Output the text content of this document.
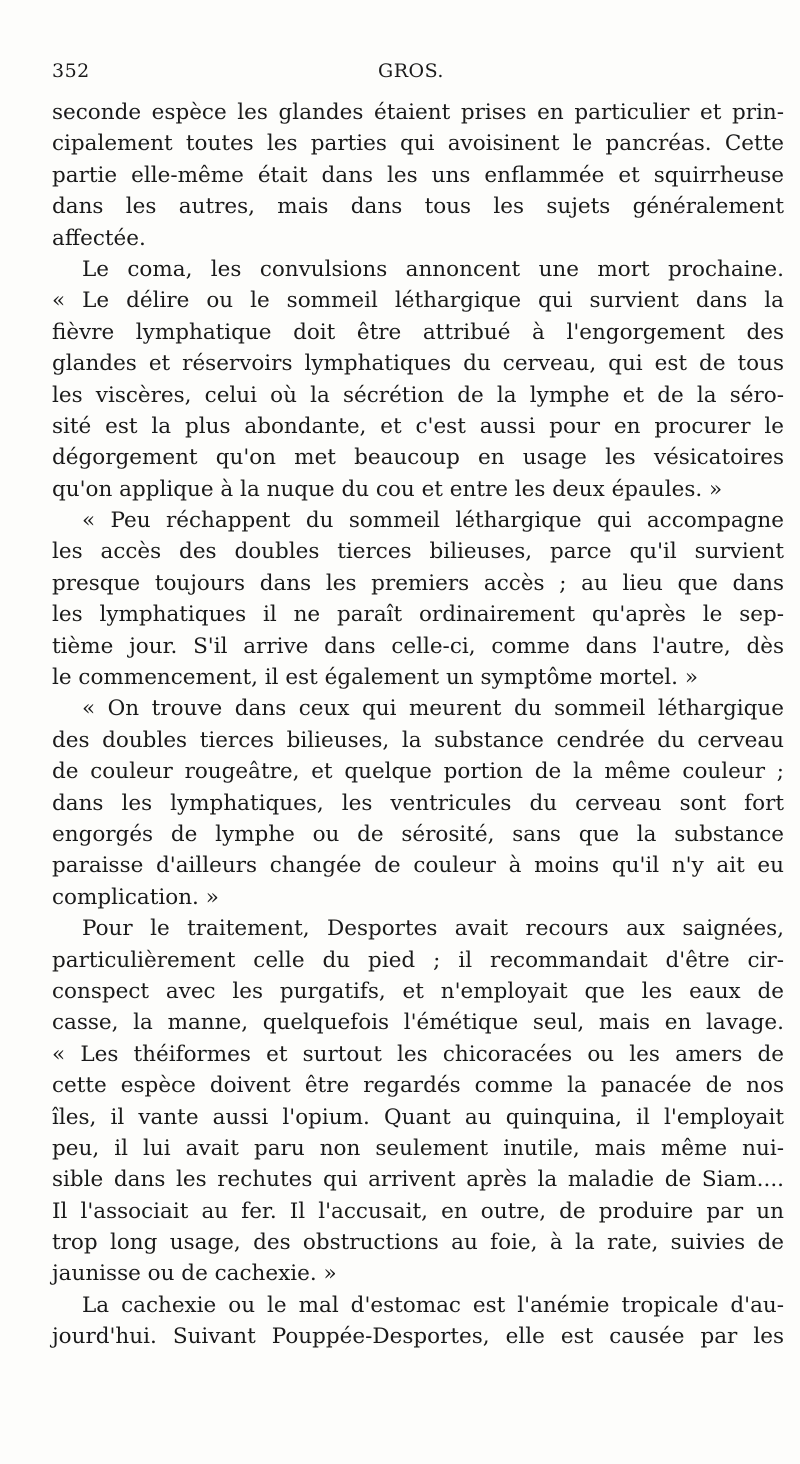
352	GROS.
seconde espèce les glandes étaient prises en particulier et prin-
cipalement toutes les parties qui avoisinent le pancréas. Cette
partie elle-même était dans les uns enflammée et squirrheuse
dans les autres, mais dans tous les sujets généralement
affectée.
Le coma, les convulsions annoncent une mort prochaine.
« Le délire ou le sommeil léthargique qui survient dans la
fièvre lymphatique doit être attribué à l'engorgement des
glandes et réservoirs lymphatiques du cerveau, qui est de tous
les viscères, celui où la sécrétion de la lymphe et de la séro-
sité est la plus abondante, et c'est aussi pour en procurer le
dégorgement qu'on met beaucoup en usage les vésicatoires
qu'on applique à la nuque du cou et entre les deux épaules. »
« Peu réchappent du sommeil léthargique qui accompagne
les accès des doubles tierces bilieuses, parce qu'il survient
presque toujours dans les premiers accès ; au lieu que dans
les lymphatiques il ne paraît ordinairement qu'après le sep-
tième jour. S'il arrive dans celle-ci, comme dans l'autre, dès
le commencement, il est également un symptôme mortel. »
« On trouve dans ceux qui meurent du sommeil léthargique
des doubles tierces bilieuses, la substance cendrée du cerveau
de couleur rougeâtre, et quelque portion de la même couleur ;
dans les lymphatiques, les ventricules du cerveau sont fort
engorgés de lymphe ou de sérosité, sans que la substance
paraisse d'ailleurs changée de couleur à moins qu'il n'y ait eu
complication. »
Pour le traitement, Desportes avait recours aux saignées,
particulièrement celle du pied ; il recommandait d'être cir-
conspect avec les purgatifs, et n'employait que les eaux de
casse, la manne, quelquefois l'émétique seul, mais en lavage.
« Les théiformes et surtout les chicoracées ou les amers de
cette espèce doivent être regardés comme la panacée de nos
îles, il vante aussi l'opium. Quant au quinquina, il l'employait
peu, il lui avait paru non seulement inutile, mais même nui-
sible dans les rechutes qui arrivent après la maladie de Siam....
Il l'associait au fer. Il l'accusait, en outre, de produire par un
trop long usage, des obstructions au foie, à la rate, suivies de
jaunisse ou de cachexie. »
La cachexie ou le mal d'estomac est l'anémie tropicale d'au-
jourd'hui. Suivant Pouppée-Desportes, elle est causée par les
